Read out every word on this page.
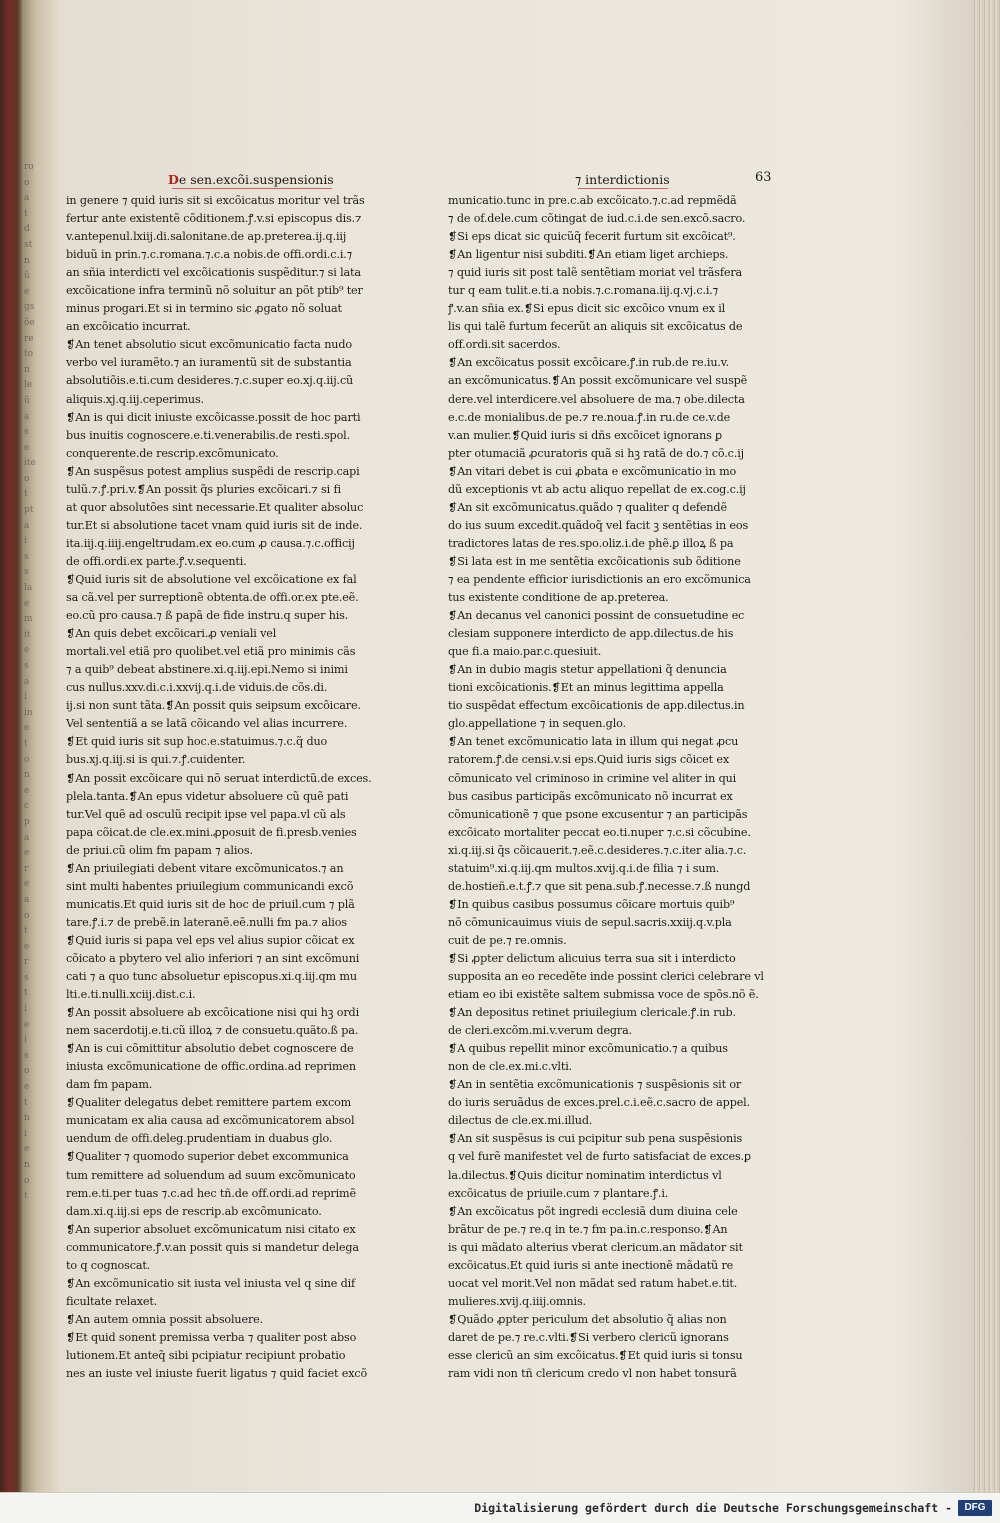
ro
o
a
t
d
st
n
ũ
e
gs
õe
re
to
n
le
ũ
a
s
e
ite
o
t
pt
a
i
s
s
la
e
m
it
e
s
a
i
in
e
t
o
n
e
c
p
a
e
r
e
a
o
t
e
r
s
t
i
e
i
s
o
e
t
n
i
e
n
o
t
De sen.excõi.suspensionis	⁊ interdictionis	63
in genere ⁊ quid iuris sit si excõicatus moritur vel trãs
fertur ante existentẽ cõditionem.ꝭ.v.si episcopus dis.⁊
v.antepenul.lxiij.di.salonitane.de ap.preterea.ij.q.iij
biduũ in prin.⁊.c.romana.⁊.c.a nobis.de offi.ordi.c.i.⁊
an sñia interdicti vel excõicationis suspẽditur.⁊ si lata
excõicatione infra terminũ nõ soluitur an põt ptib⁹ ter
minus progari.Et si in termino sic ꝓgato nõ soluat
an excõicatio incurrat.
❡An tenet absolutio sicut excõmunicatio facta nudo
verbo vel iuramẽto.⁊ an iuramentũ sit de substantia
absolutiõis.e.ti.cum desideres.⁊.c.super eo.xj.q.iij.cũ
aliquis.xj.q.iij.ceperimus.
❡An is qui dicit iniuste excõicasse.possit de hoc parti
bus inuitis cognoscere.e.ti.venerabilis.de resti.spol.
conquerente.de rescrip.excõmunicato.
❡An suspẽsus potest amplius suspẽdi de rescrip.capi
tulũ.⁊.ꝭ.pri.v.❡An possit q̃s pluries excõicari.⁊ si fi
at quor absolutões sint necessarie.Et qualiter absoluc
tur.Et si absolutione tacet vnam quid iuris sit de inde.
ita.iij.q.iiij.engeltrudam.ex eo.cum ꝓ causa.⁊.c.officij
de offi.ordi.ex parte.ꝭ.v.sequenti.
❡Quid iuris sit de absolutione vel excõicatione ex fal
sa cã.vel per surreptionẽ obtenta.de offi.or.ex pte.eẽ.
eo.cũ pro causa.⁊ ß papã de fide instru.q super his.
❡An quis debet excõicari.ꝓ veniali vel
mortali.vel etiã pro quolibet.vel etiã pro minimis cãs
⁊ a quib⁹ debeat abstinere.xi.q.iij.epi.Nemo si inimi
cus nullus.xxv.di.c.i.xxvij.q.i.de viduis.de cõs.di.
ij.si non sunt tãta.❡An possit quis seipsum excõicare.
Vel sententiã a se latã cõicando vel alias incurrere.
❡Et quid iuris sit sup hoc.e.statuimus.⁊.c.q̃ duo
bus.xj.q.iij.si is qui.⁊.ꝭ.cuidenter.
❡An possit excõicare qui nõ seruat interdictũ.de exces.
plela.tanta.❡An epus videtur absoluere cũ quẽ pati
tur.Vel quẽ ad osculũ recipit ipse vel papa.vl cũ als
papa cõicat.de cle.ex.mini.ꝓposuit de fi.presb.venies
de priui.cũ olim fm papam ⁊ alios.
❡An priuilegiati debent vitare excõmunicatos.⁊ an
sint multi habentes priuilegium communicandi excõ
municatis.Et quid iuris sit de hoc de priuil.cum ⁊ plã
tare.ꝭ.i.⁊ de prebẽ.in lateranẽ.eẽ.nulli fm pa.⁊ alios
❡Quid iuris si papa vel eps vel alius supior cõicat ex
cõicato a pbytero vel alio inferiori ⁊ an sint excõmuni
cati ⁊ a quo tunc absoluetur episcopus.xi.q.iij.qm mu
lti.e.ti.nulli.xciij.dist.c.i.
❡An possit absoluere ab excõicatione nisi qui hꝫ ordi
nem sacerdotij.e.ti.cũ illoꝝ ⁊ de consuetu.quãto.ß pa.
❡An is cui cõmittitur absolutio debet cognoscere de
iniusta excõmunicatione de offic.ordina.ad reprimen
dam fm papam.
❡Qualiter delegatus debet remittere partem excom
municatam ex alia causa ad excõmunicatorem absol
uendum de offi.deleg.prudentiam in duabus glo.
❡Qualiter ⁊ quomodo superior debet excommunica
tum remittere ad soluendum ad suum excõmunicato
rem.e.ti.per tuas ⁊.c.ad hec tñ.de off.ordi.ad reprimẽ
dam.xi.q.iij.si eps de rescrip.ab excõmunicato.
❡An superior absoluet excõmunicatum nisi citato ex
communicatore.ꝭ.v.an possit quis si mandetur delega
to q cognoscat.
❡An excõmunicatio sit iusta vel iniusta vel q sine dif
ficultate relaxet.
❡An autem omnia possit absoluere.
❡Et quid sonent premissa verba ⁊ qualiter post abso
lutionem.Et anteq̃ sibi pcipiatur recipiunt probatio
nes an iuste vel iniuste fuerit ligatus ⁊ quid faciet excõ
municatio.tunc in pre.c.ab excõicato.⁊.c.ad repmẽdã
⁊ de of.dele.cum cõtingat de iud.c.i.de sen.excõ.sacro.
❡Si eps dicat sic quicũq̃ fecerit furtum sit excõicat⁹.
❡An ligentur nisi subditi.❡An etiam liget archieps.
⁊ quid iuris sit post talẽ sentẽtiam moriat vel trãsfera
tur q eam tulit.e.ti.a nobis.⁊.c.romana.iij.q.vj.c.i.⁊
ꝭ.v.an sñia ex.❡Si epus dicit sic excõico vnum ex il
lis qui talẽ furtum fecerũt an aliquis sit excõicatus de
off.ordi.sit sacerdos.
❡An excõicatus possit excõicare.ꝭ.in rub.de re.iu.v.
an excõmunicatus.❡An possit excõmunicare vel suspẽ
dere.vel interdicere.vel absoluere de ma.⁊ obe.dilecta
e.c.de monialibus.de pe.⁊ re.noua.ꝭ.in ru.de ce.v.de
v.an mulier.❡Quid iuris si dñs excõicet ignorans ꝑ
pter otumaciã ꝓcuratoris quã si hꝫ ratã de do.⁊ cõ.c.ij
❡An vitari debet is cui ꝓbata e excõmunicatio in mo
dũ exceptionis vt ab actu aliquo repellat de ex.cog.c.ij
❡An sit excõmunicatus.quãdo ⁊ qualiter q defendẽ
do ius suum excedit.quãdoq̃ vel facit ꝫ sentẽtias in eos
tradictores latas de res.spo.oliz.i.de phẽ.ꝑ illoꝝ ß pa
❡Si lata est in me sentẽtia excõicationis sub õditione
⁊ ea pendente efficior iurisdictionis an ero excõmunica
tus existente conditione de ap.preterea.
❡An decanus vel canonici possint de consuetudine ec
clesiam supponere interdicto de app.dilectus.de his
que fi.a maio.par.c.quesiuit.
❡An in dubio magis stetur appellationi q̃ denuncia
tioni excõicationis.❡Et an minus legittima appella
tio suspẽdat effectum excõicationis de app.dilectus.in
glo.appellatione ⁊ in sequen.glo.
❡An tenet excõmunicatio lata in illum qui negat ꝓcu
ratorem.ꝭ.de censi.v.si eps.Quid iuris sigs cõicet ex
cõmunicato vel criminoso in crimine vel aliter in qui
bus casibus participãs excõmunicato nõ incurrat ex
cõmunicationẽ ⁊ que psone excusentur ⁊ an participãs
excõicato mortaliter peccat eo.ti.nuper ⁊.c.si cõcubine.
xi.q.iij.si q̃s cõicauerit.⁊.eẽ.c.desideres.⁊.c.iter alia.⁊.c.
statuim⁹.xi.q.iij.qm multos.xvij.q.i.de filia ⁊ i sum.
de.hostieñ.e.t.ꝭ.⁊ que sit pena.sub.ꝭ.necesse.⁊.ß nungd
❡In quibus casibus possumus cõicare mortuis quib⁹
nõ cõmunicauimus viuis de sepul.sacris.xxiij.q.v.pla
cuit de pe.⁊ re.omnis.
❡Si ꝓpter delictum alicuius terra sua sit i interdicto
supposita an eo recedẽte inde possint clerici celebrare vl
etiam eo ibi existẽte saltem submissa voce de spõs.nõ ẽ.
❡An depositus retinet priuilegium clericale.ꝭ.in rub.
de cleri.excõm.mi.v.verum degra.
❡A quibus repellit minor excõmunicatio.⁊ a quibus
non de cle.ex.mi.c.vlti.
❡An in sentẽtia excõmunicationis ⁊ suspẽsionis sit or
do iuris seruãdus de exces.prel.c.i.eẽ.c.sacro de appel.
dilectus de cle.ex.mi.illud.
❡An sit suspẽsus is cui pcipitur sub pena suspẽsionis
q vel furẽ manifestet vel de furto satisfaciat de exces.ꝑ
la.dilectus.❡Quis dicitur nominatim interdictus vl
excõicatus de priuile.cum ⁊ plantare.ꝭ.i.
❡An excõicatus põt ingredi ecclesiã dum diuina cele
brãtur de pe.⁊ re.q in te.⁊ fm pa.in.c.responso.❡An
is qui mãdato alterius vberat clericum.an mãdator sit
excõicatus.Et quid iuris si ante inectionẽ mãdatũ re
uocat vel morit.Vel non mãdat sed ratum habet.e.tit.
mulieres.xvij.q.iiij.omnis.
❡Quãdo ꝓpter periculum det absolutio q̃ alias non
daret de pe.⁊ re.c.vlti.❡Si verbero clericũ ignorans
esse clericũ an sim excõicatus.❡Et quid iuris si tonsu
ram vidi non tñ clericum credo vl non habet tonsurã
Digitalisierung gefördert durch die Deutsche Forschungsgemeinschaft -	DFG
